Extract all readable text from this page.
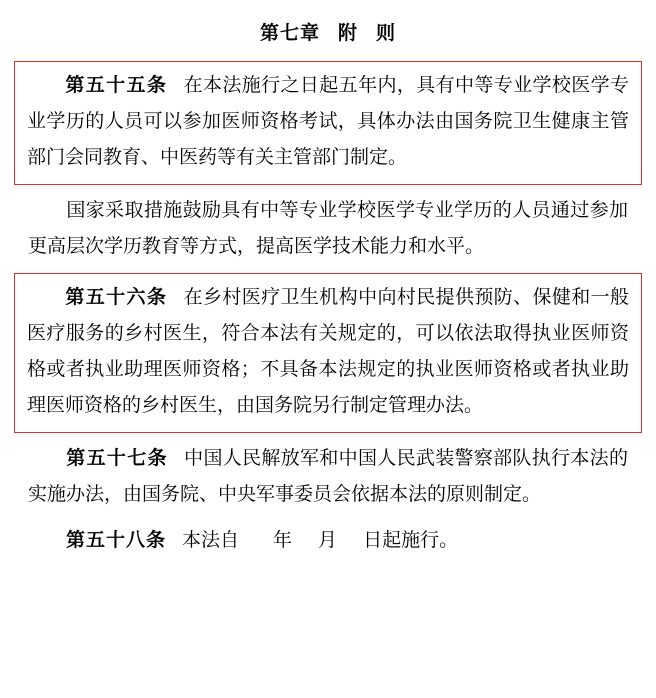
第七章 附 则

第五十五条 在本法施行之日起五年内，具有中等专业学校医学专业学历的人员可以参加医师资格考试，具体办法由国务院卫生健康主管部门会同教育、中医药等有关主管部门制定。

国家采取措施鼓励具有中等专业学校医学专业学历的人员通过参加更高层次学历教育等方式，提高医学技术能力和水平。

第五十六条 在乡村医疗卫生机构中向村民提供预防、保健和一般医疗服务的乡村医生，符合本法有关规定的，可以依法取得执业医师资格或者执业助理医师资格；不具备本法规定的执业医师资格或者执业助理医师资格的乡村医生，由国务院另行制定管理办法。

第五十七条 中国人民解放军和中国人民武装警察部队执行本法的实施办法，由国务院、中央军事委员会依据本法的原则制定。

第五十八条 本法自 年 月 日起施行。
